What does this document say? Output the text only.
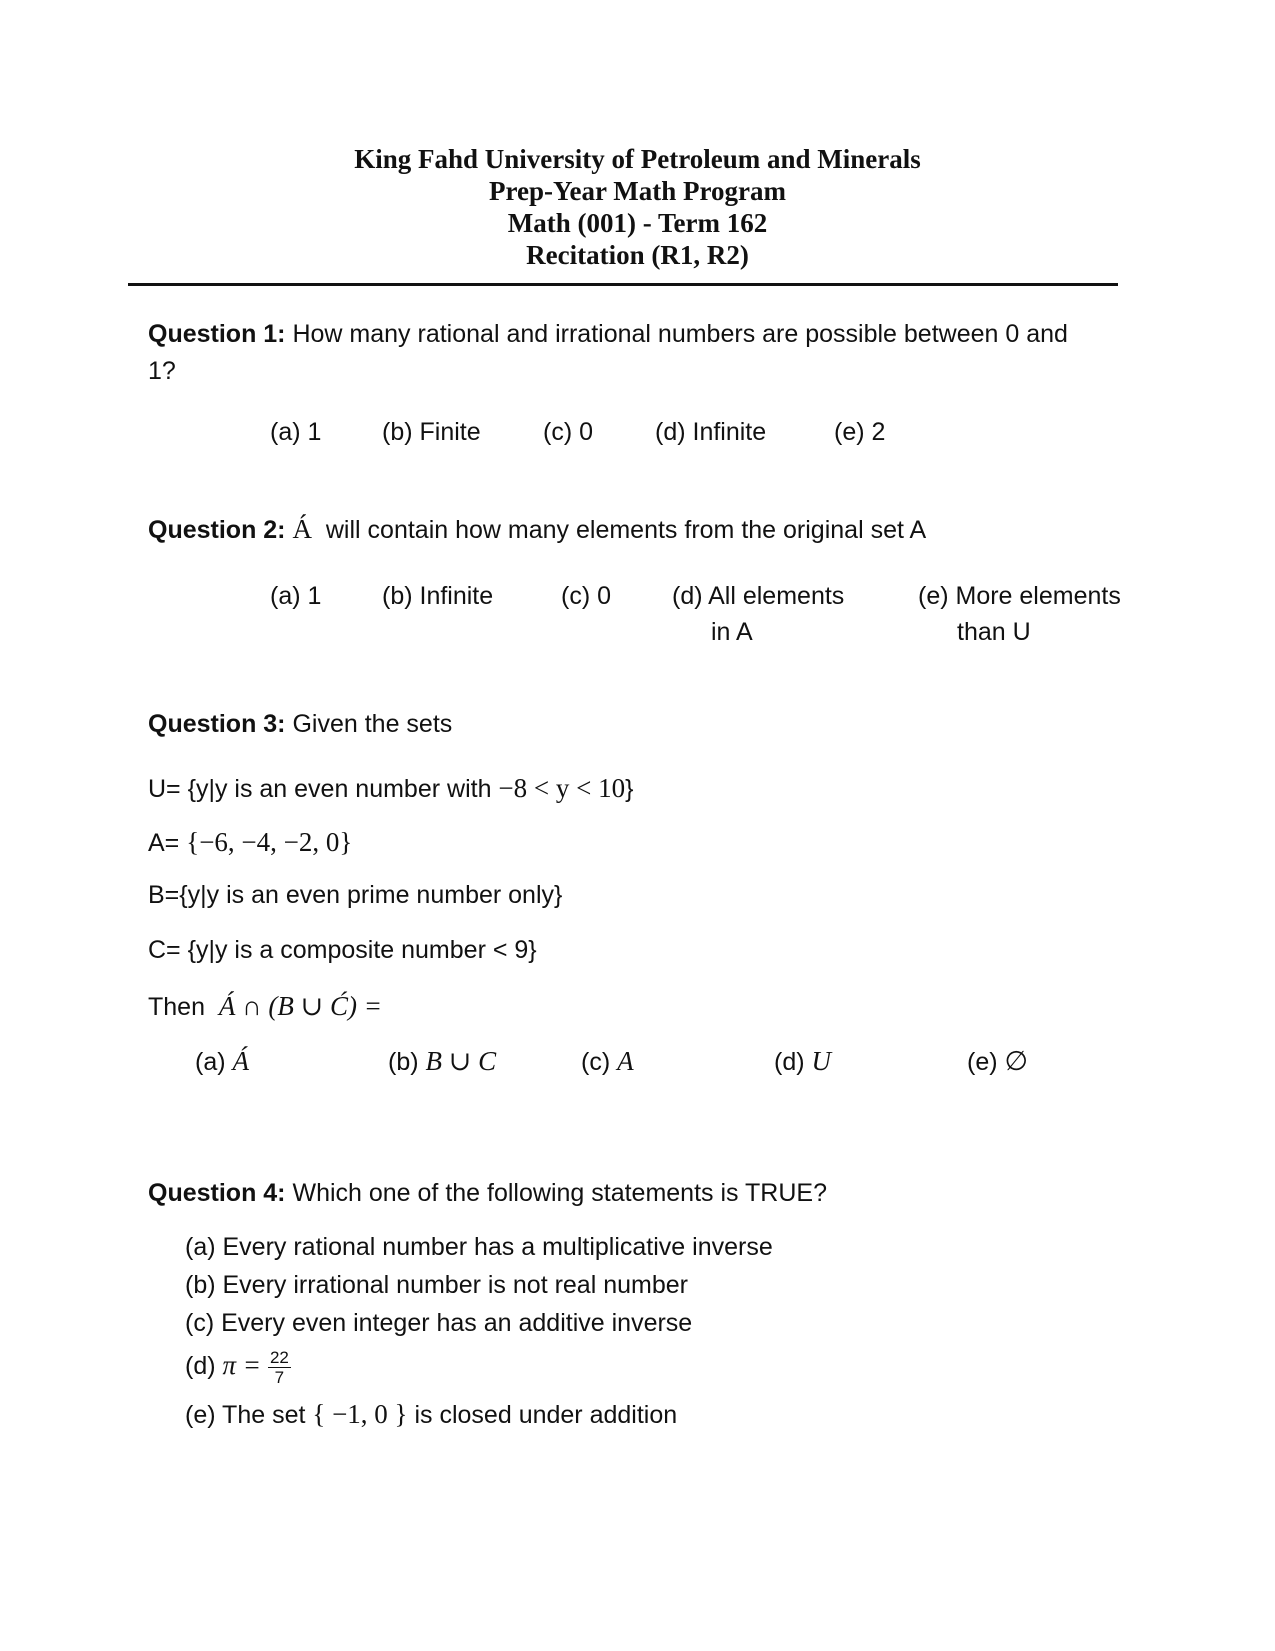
King Fahd University of Petroleum and Minerals
Prep-Year Math Program
Math (001) - Term 162
Recitation (R1, R2)
Question 1: How many rational and irrational numbers are possible between 0 and 1?
(a) 1 (b) Finite (c) 0 (d) Infinite	(e) 2
Question 2: Á will contain how many elements from the original set A
(a) 1 (b) Infinite	(c) 0 (d) All elements
in A
(e) More elements
than U
Question 3: Given the sets
U= {y|y is an even number with −8 < y < 10}
A= {−6, −4, −2, 0}
B={y|y is an even prime number only}
C= {y|y is a composite number < 9}
Then  Á ∩ (B ∪ Ć) =
(a) Á	(b) B ∪ C	(c) A	(d) U	(e) ∅
Question 4: Which one of the following statements is TRUE?
(a) Every rational number has a multiplicative inverse
(b) Every irrational number is not real number
(c) Every even integer has an additive inverse
(d) $\pi = \frac{22}{7}$
(e) The set { −1, 0 } is closed under addition
